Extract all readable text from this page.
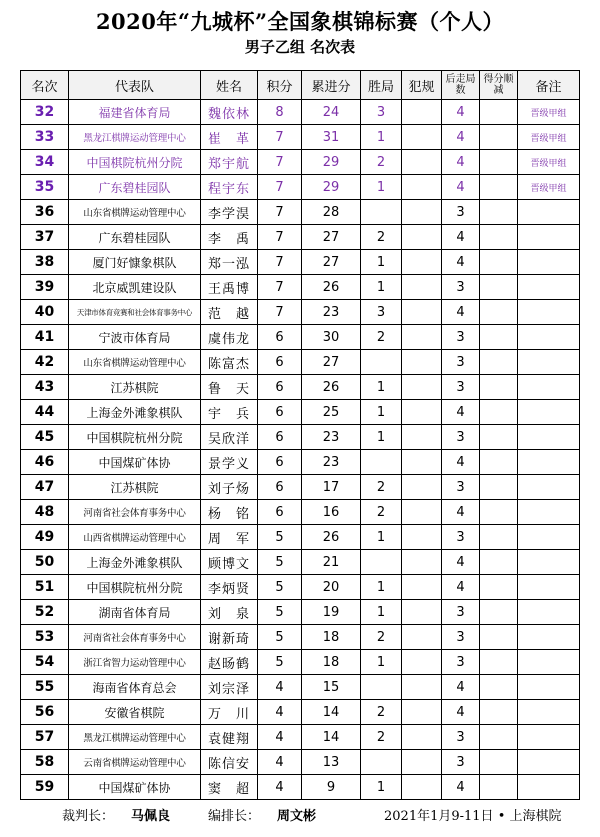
2020年“九城杯”全国象棋锦标赛（个人）
男子乙组 名次表
名次	代表队	姓名	积分	累进分	胜局	犯规	后走局数	得分顺减	备注
32	福建省体育局	魏依林	8	24	3		4		晋级甲组
33	黑龙江棋牌运动管理中心	崔　革	7	31	1		4		晋级甲组
34	中国棋院杭州分院	郑宇航	7	29	2		4		晋级甲组
35	广东碧桂园队	程宇东	7	29	1		4		晋级甲组
36	山东省棋牌运动管理中心	李学淏	7	28			3		
37	广东碧桂园队	李　禹	7	27	2		4		
38	厦门好慷象棋队	郑一泓	7	27	1		4		
39	北京威凯建设队	王禹博	7	26	1		3		
40	天津市体育竞赛和社会体育事务中心	范　越	7	23	3		4		
41	宁波市体育局	虞伟龙	6	30	2		3		
42	山东省棋牌运动管理中心	陈富杰	6	27			3		
43	江苏棋院	鲁　天	6	26	1		3		
44	上海金外滩象棋队	宇　兵	6	25	1		4		
45	中国棋院杭州分院	吴欣洋	6	23	1		3		
46	中国煤矿体协	景学义	6	23			4		
47	江苏棋院	刘子炀	6	17	2		3		
48	河南省社会体育事务中心	杨　铭	6	16	2		4		
49	山西省棋牌运动管理中心	周　军	5	26	1		3		
50	上海金外滩象棋队	顾博文	5	21			4		
51	中国棋院杭州分院	李炳贤	5	20	1		4		
52	湖南省体育局	刘　泉	5	19	1		3		
53	河南省社会体育事务中心	谢新琦	5	18	2		3		
54	浙江省智力运动管理中心	赵旸鹤	5	18	1		3		
55	海南省体育总会	刘宗泽	4	15			4		
56	安徽省棋院	万　川	4	14	2		4		
57	黑龙江棋牌运动管理中心	袁健翔	4	14	2		3		
58	云南省棋牌运动管理中心	陈信安	4	13			3		
59	中国煤矿体协	窦　超	4	9	1		4		
裁判长： 马佩良	编排长： 周文彬	2021年1月9-11日 • 上海棋院
